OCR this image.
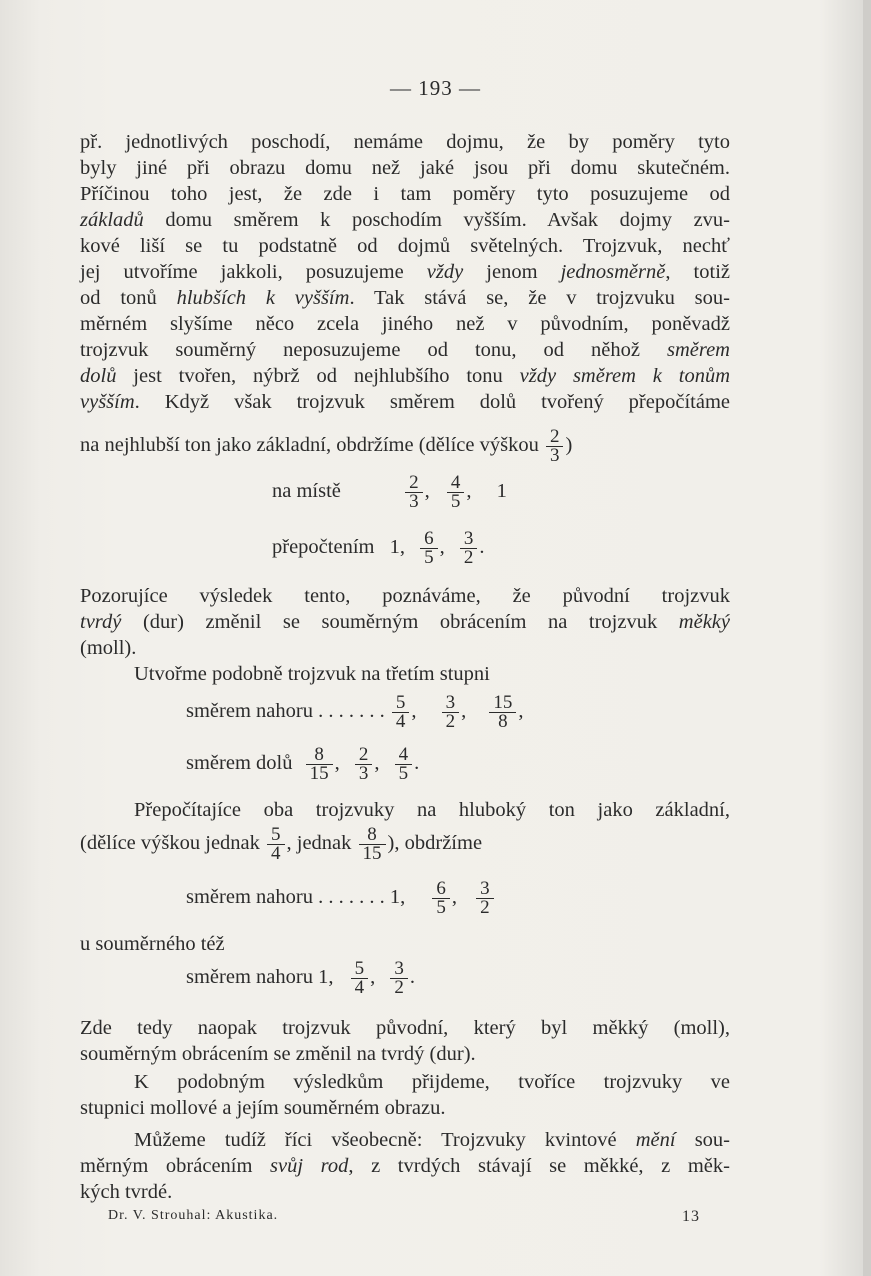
— 193 —
př. jednotlivých poschodí, nemáme dojmu, že by poměry tyto
byly jiné při obrazu domu než jaké jsou při domu skutečném.
Příčinou toho jest, že zde i tam poměry tyto posuzujeme od
základů domu směrem k poschodím vyšším. Avšak dojmy zvu-
kové liší se tu podstatně od dojmů světelných. Trojzvuk, nechť
jej utvoříme jakkoli, posuzujeme vždy jenom jednosměrně, totiž
od tonů hlubších k vyšším. Tak stává se, že v trojzvuku sou-
měrném slyšíme něco zcela jiného než v původním, poněvadž
trojzvuk souměrný neposuzujeme od tonu, od něhož směrem
dolů jest tvořen, nýbrž od nejhlubšího tonu vždy směrem k tonům
vyšším. Když však trojzvuk směrem dolů tvořený přepočítáme
na nejhlubší ton jako základní, obdržíme (dělíce výškou $\frac{2}{3}$ )
na místě	$\frac{2}{3}$ , $\frac{4}{5}$ , 1
přepočtením 1, $\frac{6}{5}$ , $\frac{3}{2}$ .
Pozorujíce výsledek tento, poznáváme, že původní trojzvuk
tvrdý (dur) změnil se souměrným obrácením na trojzvuk měkký
(moll).
Utvořme podobně trojzvuk na třetím stupni
směrem nahoru . . . . . . . $\frac{5}{4}$ , $\frac{3}{2}$ , $\frac{15}{8}$ ,
směrem dolů $\frac{8}{15}$ , $\frac{2}{3}$ , $\frac{4}{5}$ .
Přepočítajíce oba trojzvuky na hluboký ton jako základní,
(dělíce výškou jednak $\frac{5}{4}$ , jednak $\frac{8}{15}$ ), obdržíme
směrem nahoru . . . . . . . 1, $\frac{6}{5}$ , $\frac{3}{2}$
u souměrného též
směrem nahoru 1, $\frac{5}{4}$ , $\frac{3}{2}$ .
Zde tedy naopak trojzvuk původní, který byl měkký (moll),
souměrným obrácením se změnil na tvrdý (dur).
K podobným výsledkům přijdeme, tvoříce trojzvuky ve
stupnici mollové a jejím souměrném obrazu.
Můžeme tudíž říci všeobecně: Trojzvuky kvintové mění sou-
měrným obrácením svůj rod, z tvrdých stávají se měkké, z měk-
kých tvrdé.
Dr. V. Strouhal: Akustika.	13
